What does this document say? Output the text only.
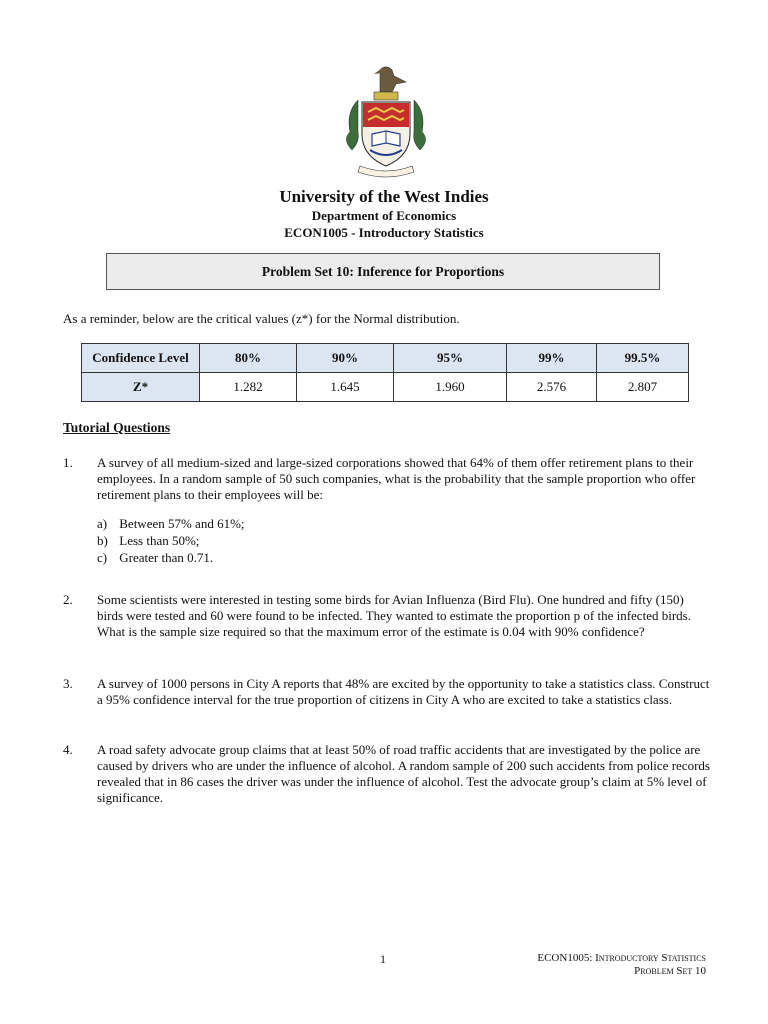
University of the West Indies
Department of Economics
ECON1005 - Introductory Statistics
Problem Set 10: Inference for Proportions
As a reminder, below are the critical values (z*) for the Normal distribution.
Confidence Level	80%	90%	95%	99%	99.5%
Z*	1.282	1.645	1.960	2.576	2.807
Tutorial Questions
1. A survey of all medium-sized and large-sized corporations showed that 64% of them offer retirement plans to their employees. In a random sample of 50 such companies, what is the probability that the sample proportion who offer retirement plans to their employees will be:
a) Between 57% and 61%;
b) Less than 50%;
c) Greater than 0.71.
2. Some scientists were interested in testing some birds for Avian Influenza (Bird Flu). One hundred and fifty (150) birds were tested and 60 were found to be infected. They wanted to estimate the proportion p of the infected birds. What is the sample size required so that the maximum error of the estimate is 0.04 with 90% confidence?
3. A survey of 1000 persons in City A reports that 48% are excited by the opportunity to take a statistics class. Construct a 95% confidence interval for the true proportion of citizens in City A who are excited to take a statistics class.
4. A road safety advocate group claims that at least 50% of road traffic accidents that are investigated by the police are caused by drivers who are under the influence of alcohol. A random sample of 200 such accidents from police records revealed that in 86 cases the driver was under the influence of alcohol. Test the advocate group’s claim at 5% level of significance.
1	ECON1005: Introductory Statistics
Problem Set 10
